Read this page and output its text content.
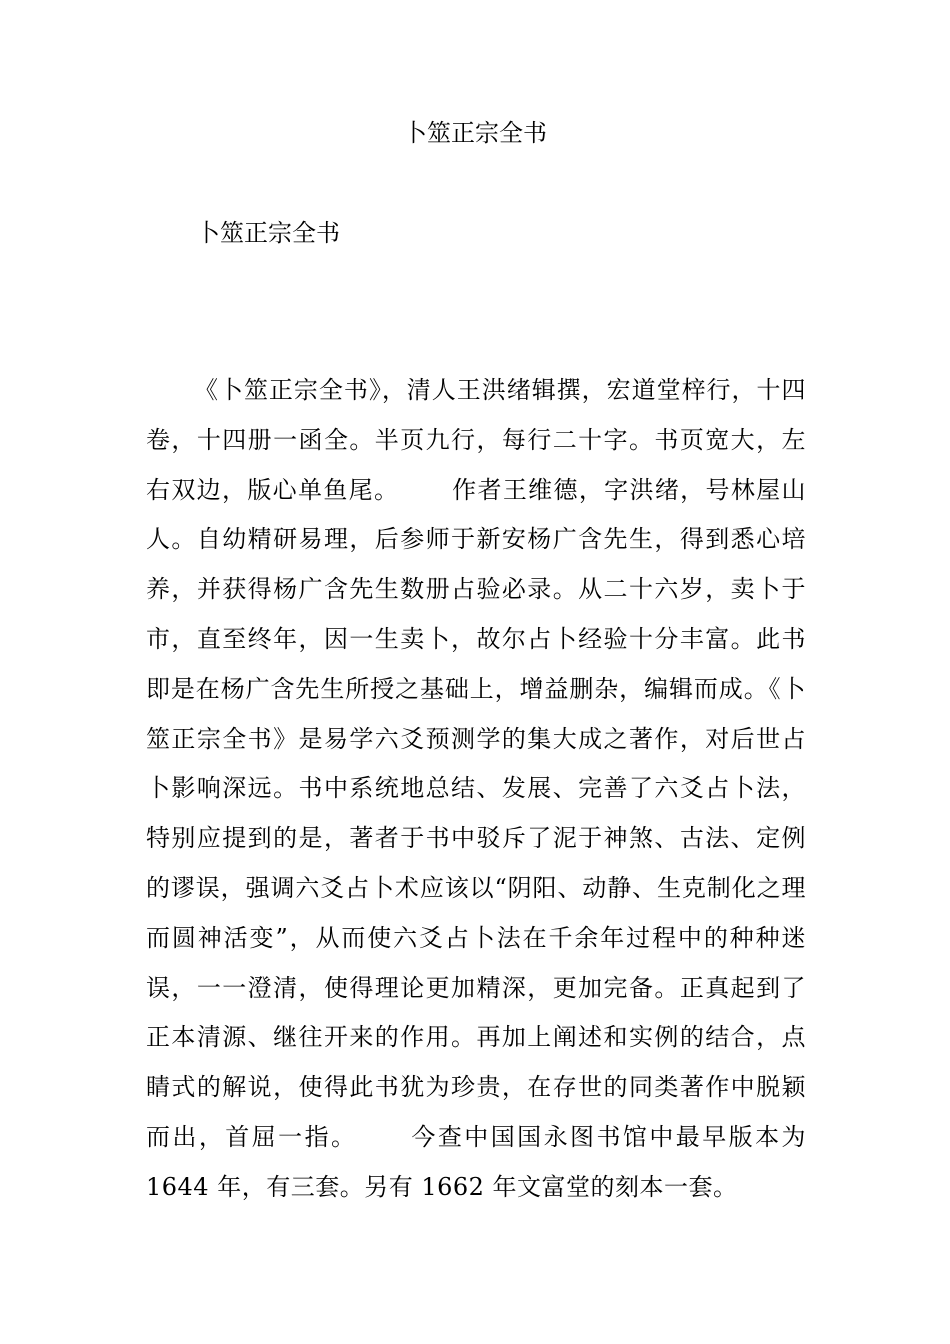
卜筮正宗全书
卜筮正宗全书

《卜筮正宗全书》，清人王洪绪辑撰，宏道堂梓行，十四卷，十四册一函全。半页九行，每行二十字。书页宽大，左右双边，版心单鱼尾。 作者王维德，字洪绪，号林屋山人。自幼精研易理，后参师于新安杨广含先生，得到悉心培养，并获得杨广含先生数册占验必录。从二十六岁，卖卜于市，直至终年，因一生卖卜，故尔占卜经验十分丰富。此书即是在杨广含先生所授之基础上，增益删杂，编辑而成。《卜筮正宗全书》是易学六爻预测学的集大成之著作，对后世占卜影响深远。书中系统地总结、发展、完善了六爻占卜法，特别应提到的是，著者于书中驳斥了泥于神煞、古法、定例的谬误，强调六爻占卜术应该以“阴阳、动静、生克制化之理而圆神活变”，从而使六爻占卜法在千余年过程中的种种迷误，一一澄清，使得理论更加精深，更加完备。正真起到了正本清源、继往开来的作用。再加上阐述和实例的结合，点睛式的解说，使得此书犹为珍贵，在存世的同类著作中脱颖而出，首屈一指。 今查中国国永图书馆中最早版本为 1644 年，有三套。另有 1662 年文富堂的刻本一套。
